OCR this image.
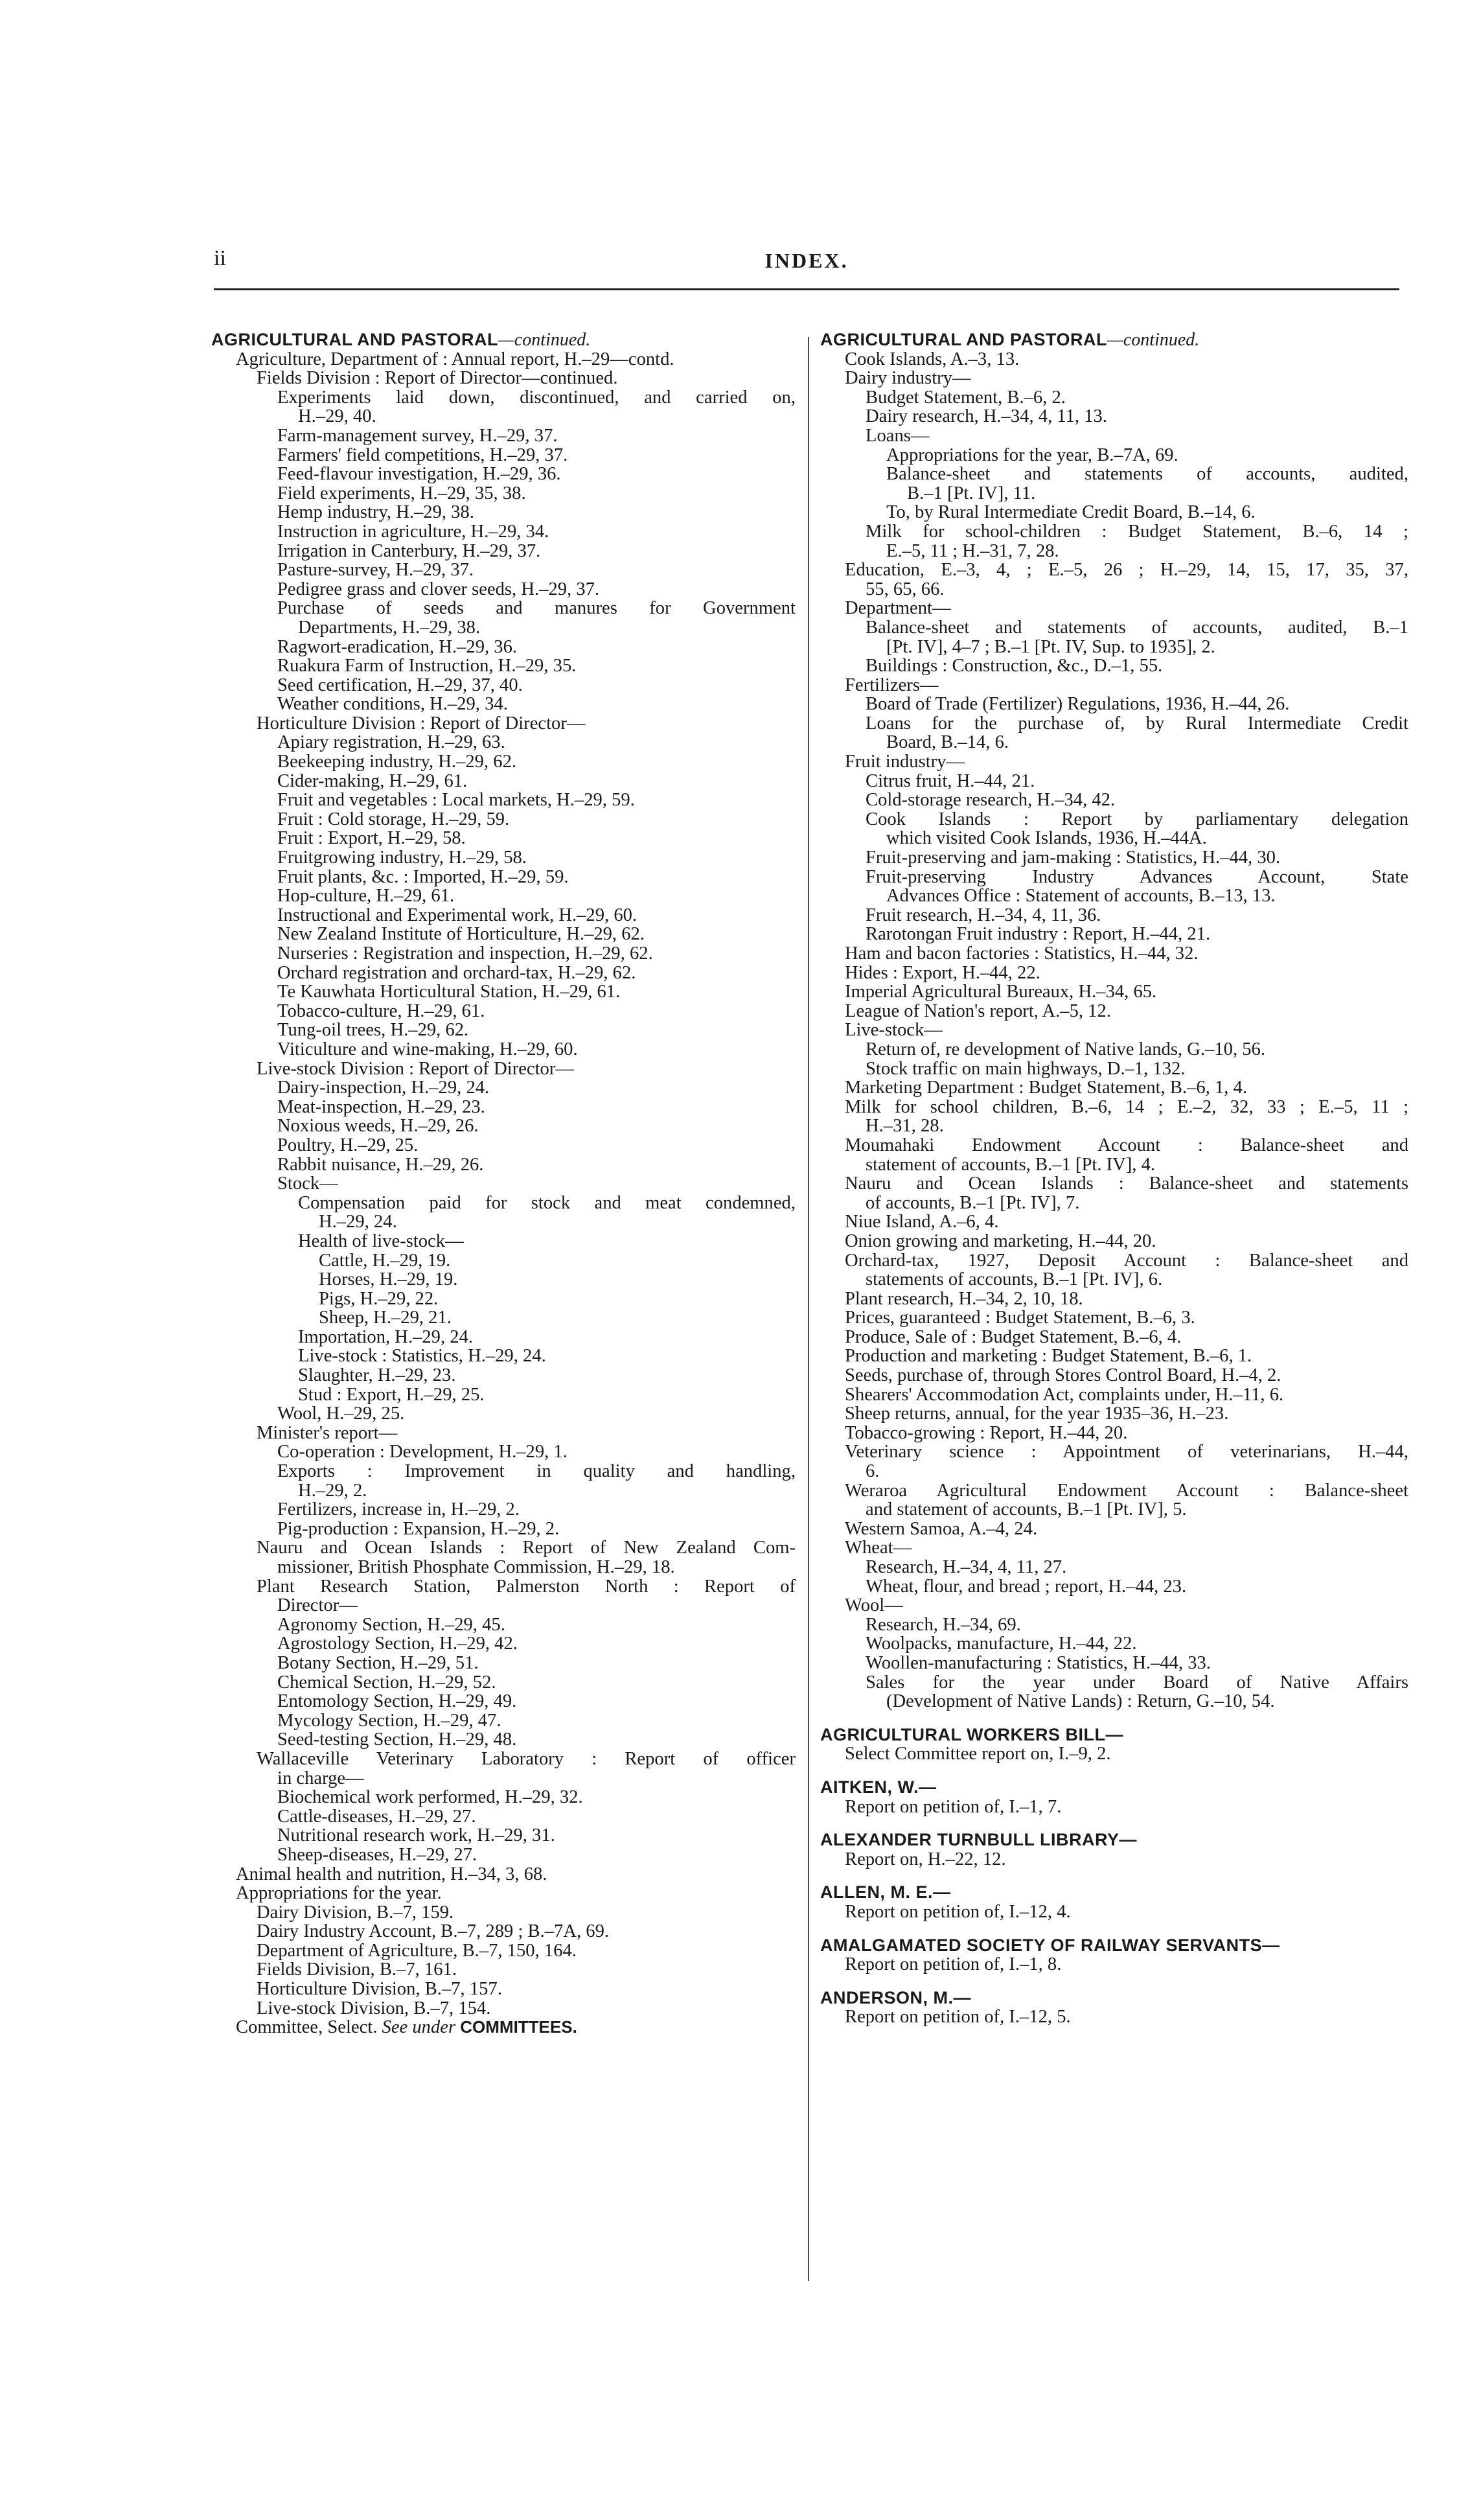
ii	INDEX.
AGRICULTURAL AND PASTORAL—continued.
Agriculture, Department of : Annual report, H.–29—contd.
Fields Division : Report of Director—continued.
Experiments laid down, discontinued, and carried on,
H.–29, 40.
Farm-management survey, H.–29, 37.
Farmers' field competitions, H.–29, 37.
Feed-flavour investigation, H.–29, 36.
Field experiments, H.–29, 35, 38.
Hemp industry, H.–29, 38.
Instruction in agriculture, H.–29, 34.
Irrigation in Canterbury, H.–29, 37.
Pasture-survey, H.–29, 37.
Pedigree grass and clover seeds, H.–29, 37.
Purchase of seeds and manures for Government
Departments, H.–29, 38.
Ragwort-eradication, H.–29, 36.
Ruakura Farm of Instruction, H.–29, 35.
Seed certification, H.–29, 37, 40.
Weather conditions, H.–29, 34.
Horticulture Division : Report of Director—
Apiary registration, H.–29, 63.
Beekeeping industry, H.–29, 62.
Cider-making, H.–29, 61.
Fruit and vegetables : Local markets, H.–29, 59.
Fruit : Cold storage, H.–29, 59.
Fruit : Export, H.–29, 58.
Fruitgrowing industry, H.–29, 58.
Fruit plants, &c. : Imported, H.–29, 59.
Hop-culture, H.–29, 61.
Instructional and Experimental work, H.–29, 60.
New Zealand Institute of Horticulture, H.–29, 62.
Nurseries : Registration and inspection, H.–29, 62.
Orchard registration and orchard-tax, H.–29, 62.
Te Kauwhata Horticultural Station, H.–29, 61.
Tobacco-culture, H.–29, 61.
Tung-oil trees, H.–29, 62.
Viticulture and wine-making, H.–29, 60.
Live-stock Division : Report of Director—
Dairy-inspection, H.–29, 24.
Meat-inspection, H.–29, 23.
Noxious weeds, H.–29, 26.
Poultry, H.–29, 25.
Rabbit nuisance, H.–29, 26.
Stock—
Compensation paid for stock and meat condemned,
H.–29, 24.
Health of live-stock—
Cattle, H.–29, 19.
Horses, H.–29, 19.
Pigs, H.–29, 22.
Sheep, H.–29, 21.
Importation, H.–29, 24.
Live-stock : Statistics, H.–29, 24.
Slaughter, H.–29, 23.
Stud : Export, H.–29, 25.
Wool, H.–29, 25.
Minister's report—
Co-operation : Development, H.–29, 1.
Exports : Improvement in quality and handling,
H.–29, 2.
Fertilizers, increase in, H.–29, 2.
Pig-production : Expansion, H.–29, 2.
Nauru and Ocean Islands : Report of New Zealand Com-
missioner, British Phosphate Commission, H.–29, 18.
Plant Research Station, Palmerston North : Report of
Director—
Agronomy Section, H.–29, 45.
Agrostology Section, H.–29, 42.
Botany Section, H.–29, 51.
Chemical Section, H.–29, 52.
Entomology Section, H.–29, 49.
Mycology Section, H.–29, 47.
Seed-testing Section, H.–29, 48.
Wallaceville Veterinary Laboratory : Report of officer
in charge—
Biochemical work performed, H.–29, 32.
Cattle-diseases, H.–29, 27.
Nutritional research work, H.–29, 31.
Sheep-diseases, H.–29, 27.
Animal health and nutrition, H.–34, 3, 68.
Appropriations for the year.
Dairy Division, B.–7, 159.
Dairy Industry Account, B.–7, 289 ; B.–7A, 69.
Department of Agriculture, B.–7, 150, 164.
Fields Division, B.–7, 161.
Horticulture Division, B.–7, 157.
Live-stock Division, B.–7, 154.
Committee, Select. See under COMMITTEES.
AGRICULTURAL AND PASTORAL—continued.
Cook Islands, A.–3, 13.
Dairy industry—
Budget Statement, B.–6, 2.
Dairy research, H.–34, 4, 11, 13.
Loans—
Appropriations for the year, B.–7A, 69.
Balance-sheet and statements of accounts, audited,
B.–1 [Pt. IV], 11.
To, by Rural Intermediate Credit Board, B.–14, 6.
Milk for school-children : Budget Statement, B.–6, 14 ;
E.–5, 11 ; H.–31, 7, 28.
Education, E.–3, 4, ; E.–5, 26 ; H.–29, 14, 15, 17, 35, 37,
55, 65, 66.
Department—
Balance-sheet and statements of accounts, audited, B.–1
[Pt. IV], 4–7 ; B.–1 [Pt. IV, Sup. to 1935], 2.
Buildings : Construction, &c., D.–1, 55.
Fertilizers—
Board of Trade (Fertilizer) Regulations, 1936, H.–44, 26.
Loans for the purchase of, by Rural Intermediate Credit
Board, B.–14, 6.
Fruit industry—
Citrus fruit, H.–44, 21.
Cold-storage research, H.–34, 42.
Cook Islands : Report by parliamentary delegation
which visited Cook Islands, 1936, H.–44A.
Fruit-preserving and jam-making : Statistics, H.–44, 30.
Fruit-preserving Industry Advances Account, State
Advances Office : Statement of accounts, B.–13, 13.
Fruit research, H.–34, 4, 11, 36.
Rarotongan Fruit industry : Report, H.–44, 21.
Ham and bacon factories : Statistics, H.–44, 32.
Hides : Export, H.–44, 22.
Imperial Agricultural Bureaux, H.–34, 65.
League of Nation's report, A.–5, 12.
Live-stock—
Return of, re development of Native lands, G.–10, 56.
Stock traffic on main highways, D.–1, 132.
Marketing Department : Budget Statement, B.–6, 1, 4.
Milk for school children, B.–6, 14 ; E.–2, 32, 33 ; E.–5, 11 ;
H.–31, 28.
Moumahaki Endowment Account : Balance-sheet and
statement of accounts, B.–1 [Pt. IV], 4.
Nauru and Ocean Islands : Balance-sheet and statements
of accounts, B.–1 [Pt. IV], 7.
Niue Island, A.–6, 4.
Onion growing and marketing, H.–44, 20.
Orchard-tax, 1927, Deposit Account : Balance-sheet and
statements of accounts, B.–1 [Pt. IV], 6.
Plant research, H.–34, 2, 10, 18.
Prices, guaranteed : Budget Statement, B.–6, 3.
Produce, Sale of : Budget Statement, B.–6, 4.
Production and marketing : Budget Statement, B.–6, 1.
Seeds, purchase of, through Stores Control Board, H.–4, 2.
Shearers' Accommodation Act, complaints under, H.–11, 6.
Sheep returns, annual, for the year 1935–36, H.–23.
Tobacco-growing : Report, H.–44, 20.
Veterinary science : Appointment of veterinarians, H.–44,
6.
Weraroa Agricultural Endowment Account : Balance-sheet
and statement of accounts, B.–1 [Pt. IV], 5.
Western Samoa, A.–4, 24.
Wheat—
Research, H.–34, 4, 11, 27.
Wheat, flour, and bread ; report, H.–44, 23.
Wool—
Research, H.–34, 69.
Woolpacks, manufacture, H.–44, 22.
Woollen-manufacturing : Statistics, H.–44, 33.
Sales for the year under Board of Native Affairs
(Development of Native Lands) : Return, G.–10, 54.
AGRICULTURAL WORKERS BILL—
Select Committee report on, I.–9, 2.
AITKEN, W.—
Report on petition of, I.–1, 7.
ALEXANDER TURNBULL LIBRARY—
Report on, H.–22, 12.
ALLEN, M. E.—
Report on petition of, I.–12, 4.
AMALGAMATED SOCIETY OF RAILWAY SERVANTS—
Report on petition of, I.–1, 8.
ANDERSON, M.—
Report on petition of, I.–12, 5.
